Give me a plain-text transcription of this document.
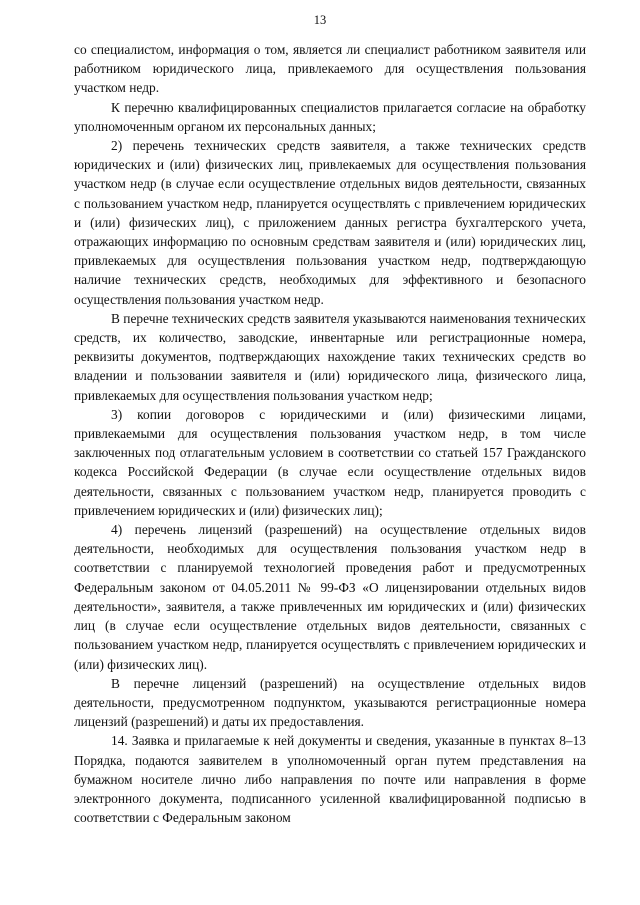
13

со специалистом, информация о том, является ли специалист работником заявителя или работником юридического лица, привлекаемого для осуществления пользования участком недр.

К перечню квалифицированных специалистов прилагается согласие на обработку уполномоченным органом их персональных данных;

2) перечень технических средств заявителя, а также технических средств юридических и (или) физических лиц, привлекаемых для осуществления пользования участком недр (в случае если осуществление отдельных видов деятельности, связанных с пользованием участком недр, планируется осуществлять с привлечением юридических и (или) физических лиц), с приложением данных регистра бухгалтерского учета, отражающих информацию по основным средствам заявителя и (или) юридических лиц, привлекаемых для осуществления пользования участком недр, подтверждающую наличие технических средств, необходимых для эффективного и безопасного осуществления пользования участком недр.

В перечне технических средств заявителя указываются наименования технических средств, их количество, заводские, инвентарные или регистрационные номера, реквизиты документов, подтверждающих нахождение таких технических средств во владении и пользовании заявителя и (или) юридического лица, физического лица, привлекаемых для осуществления пользования участком недр;

3) копии договоров с юридическими и (или) физическими лицами, привлекаемыми для осуществления пользования участком недр, в том числе заключенных под отлагательным условием в соответствии со статьей 157 Гражданского кодекса Российской Федерации (в случае если осуществление отдельных видов деятельности, связанных с пользованием участком недр, планируется проводить с привлечением юридических и (или) физических лиц);

4) перечень лицензий (разрешений) на осуществление отдельных видов деятельности, необходимых для осуществления пользования участком недр в соответствии с планируемой технологией проведения работ и предусмотренных Федеральным законом от 04.05.2011 № 99-ФЗ «О лицензировании отдельных видов деятельности», заявителя, а также привлеченных им юридических и (или) физических лиц (в случае если осуществление отдельных видов деятельности, связанных с пользованием участком недр, планируется осуществлять с привлечением юридических и (или) физических лиц).

В перечне лицензий (разрешений) на осуществление отдельных видов деятельности, предусмотренном подпунктом, указываются регистрационные номера лицензий (разрешений) и даты их предоставления.

14. Заявка и прилагаемые к ней документы и сведения, указанные в пунктах 8–13 Порядка, подаются заявителем в уполномоченный орган путем представления на бумажном носителе лично либо направления по почте или направления в форме электронного документа, подписанного усиленной квалифицированной подписью в соответствии с Федеральным законом
